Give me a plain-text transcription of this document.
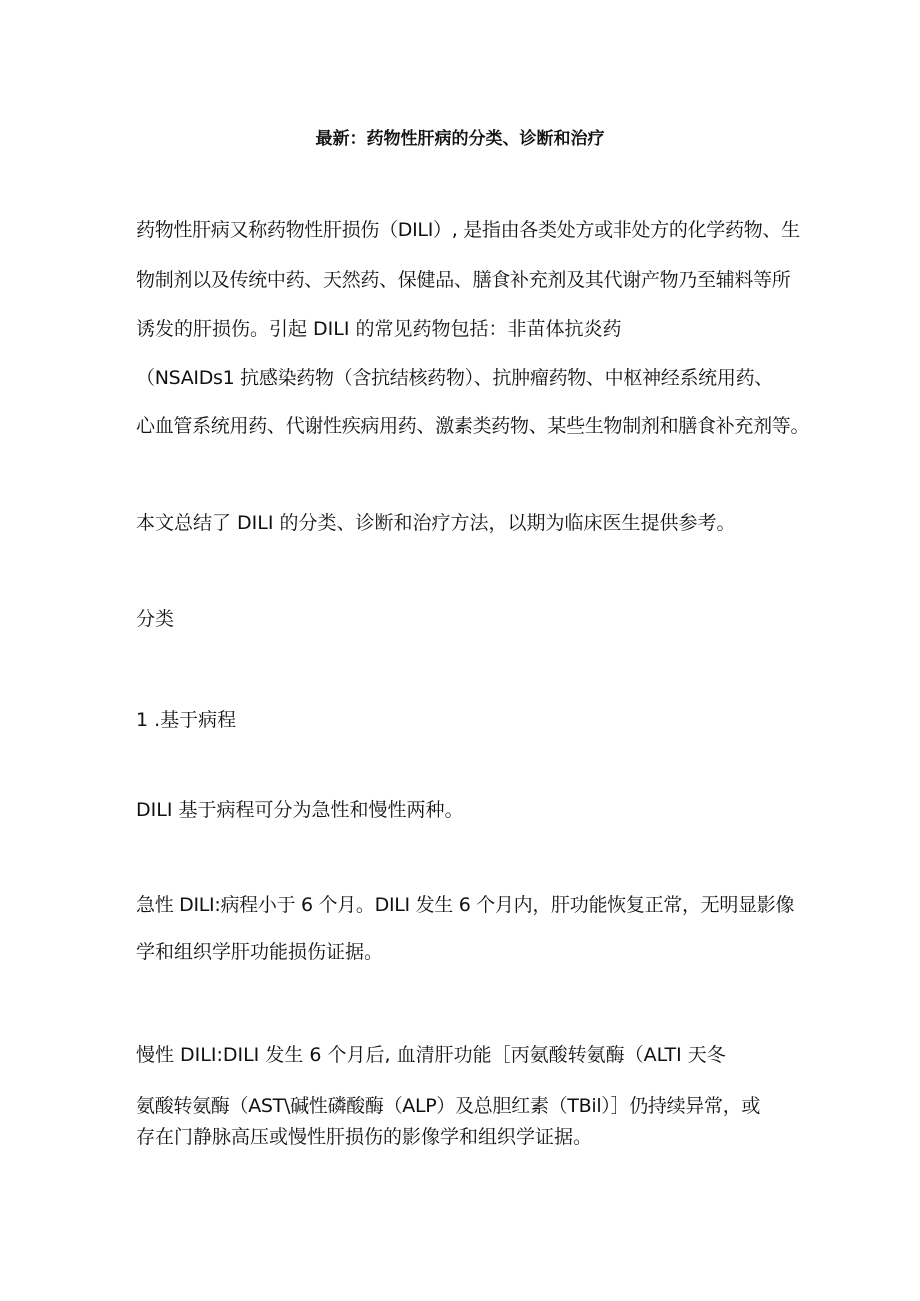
最新：药物性肝病的分类、诊断和治疗
药物性肝病又称药物性肝损伤（DILI）, 是指由各类处方或非处方的化学药物、生
物制剂以及传统中药、天然药、保健品、膳食补充剂及其代谢产物乃至辅料等所
诱发的肝损伤。引起 DILI 的常见药物包括：非苗体抗炎药
（NSAIDs1 抗感染药物（含抗结核药物）、抗肿瘤药物、中枢神经系统用药、
心血管系统用药、代谢性疾病用药、激素类药物、某些生物制剂和膳食补充剂等。
本文总结了 DILI 的分类、诊断和治疗方法，以期为临床医生提供参考。
分类
1 .基于病程
DILI 基于病程可分为急性和慢性两种。
急性 DILI:病程小于 6 个月。DILI 发生 6 个月内，肝功能恢复正常，无明显影像
学和组织学肝功能损伤证据。
慢性 DILI:DILI 发生 6 个月后, 血清肝功能［丙氨酸转氨酶（ALTI 天冬
氨酸转氨酶（AST\碱性磷酸酶（ALP）及总胆红素（TBil）］仍持续异常，或
存在门静脉高压或慢性肝损伤的影像学和组织学证据。
